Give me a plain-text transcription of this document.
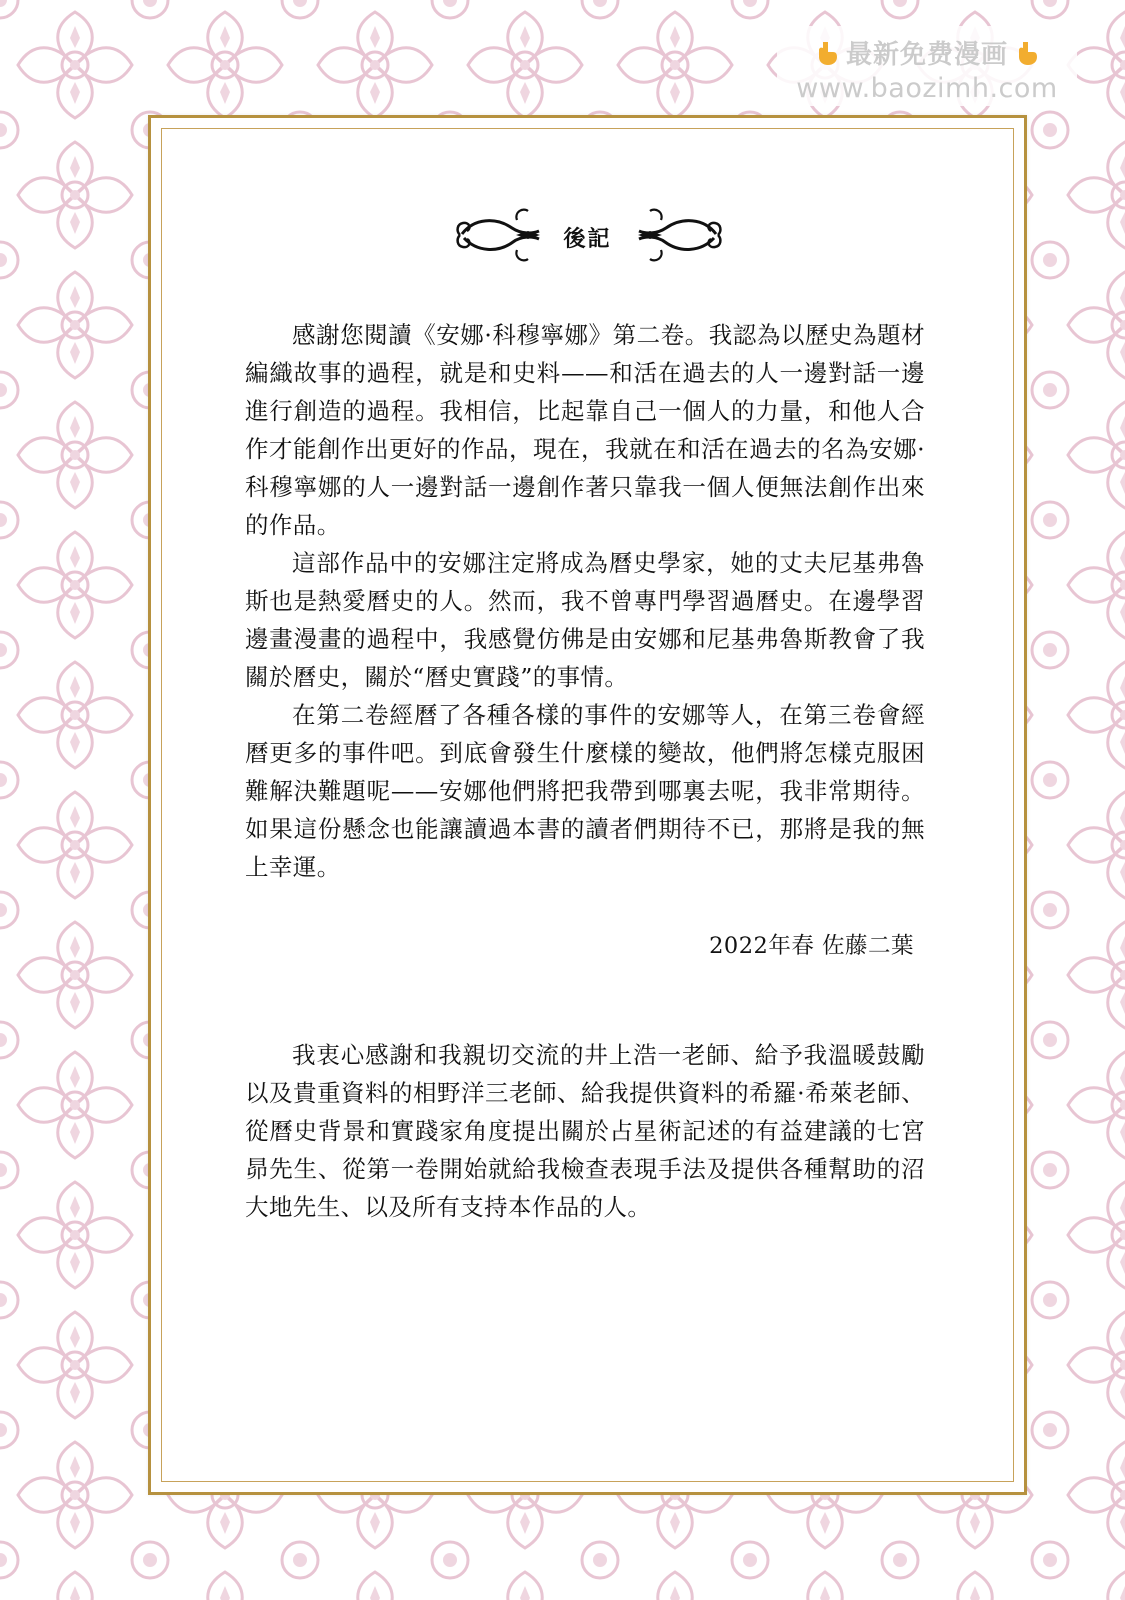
最新免费漫画
www.baozimh.com
後記

感謝您閱讀《安娜·科穆寧娜》第二卷。我認為以歷史為題材編織故事的過程，就是和史料——和活在過去的人一邊對話一邊進行創造的過程。我相信，比起靠自己一個人的力量，和他人合作才能創作出更好的作品，現在，我就在和活在過去的名為安娜·科穆寧娜的人一邊對話一邊創作著只靠我一個人便無法創作出來的作品。

這部作品中的安娜注定將成為曆史學家，她的丈夫尼基弗魯斯也是熱愛曆史的人。然而，我不曾專門學習過曆史。在邊學習邊畫漫畫的過程中，我感覺仿佛是由安娜和尼基弗魯斯教會了我關於曆史，關於“曆史實踐”的事情。

在第二卷經曆了各種各樣的事件的安娜等人，在第三卷會經曆更多的事件吧。到底會發生什麼樣的變故，他們將怎樣克服困難解決難題呢——安娜他們將把我帶到哪裏去呢，我非常期待。如果這份懸念也能讓讀過本書的讀者們期待不已，那將是我的無上幸運。

2022年春 佐藤二葉

我衷心感謝和我親切交流的井上浩一老師、給予我溫暖鼓勵以及貴重資料的相野洋三老師、給我提供資料的希羅·希萊老師、從曆史背景和實踐家角度提出關於占星術記述的有益建議的七宮昴先生、從第一卷開始就給我檢查表現手法及提供各種幫助的沼大地先生、以及所有支持本作品的人。
